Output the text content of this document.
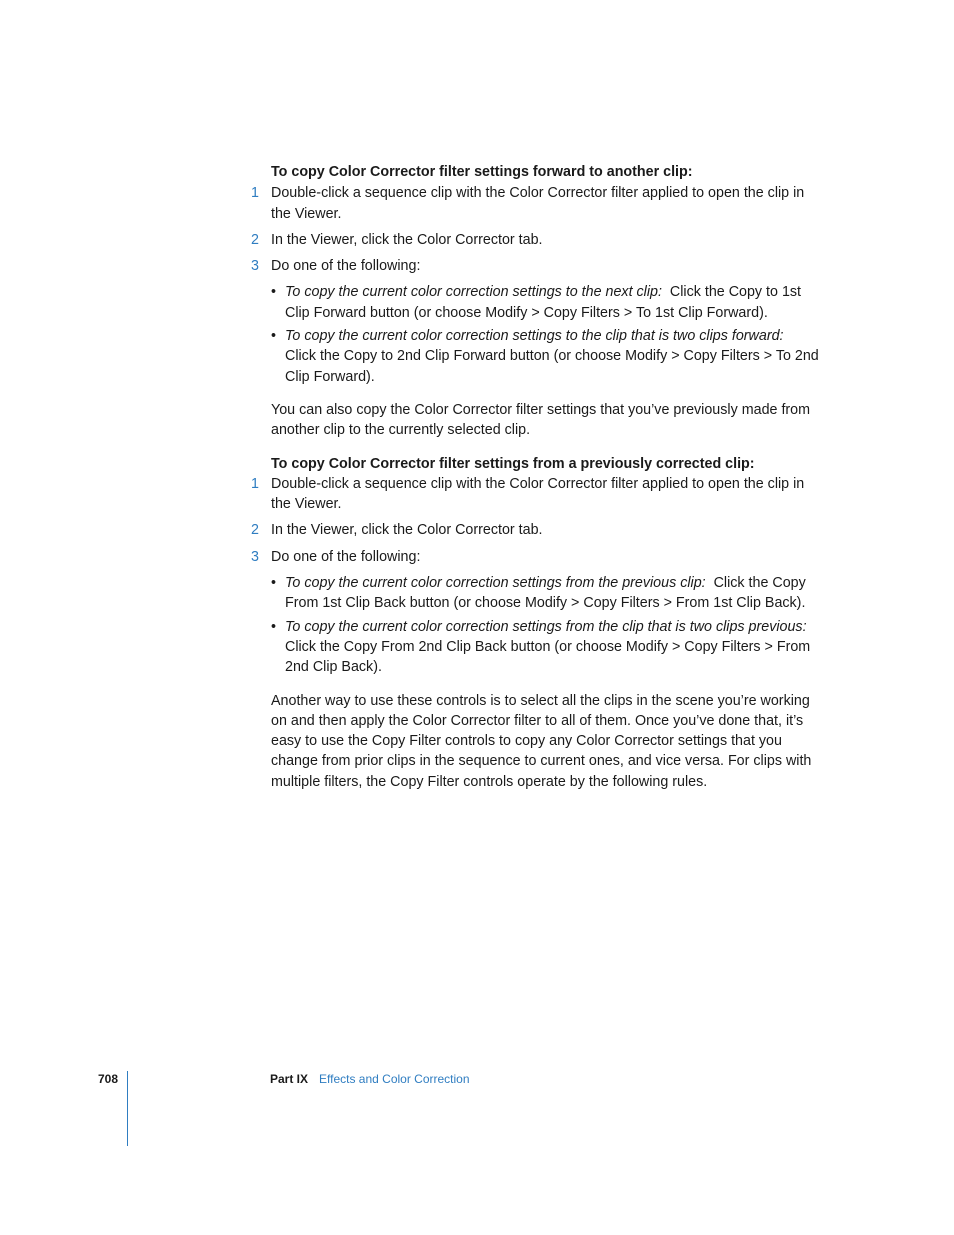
To copy Color Corrector filter settings forward to another clip:

1 Double-click a sequence clip with the Color Corrector filter applied to open the clip in the Viewer.
2 In the Viewer, click the Color Corrector tab.
3 Do one of the following:
• To copy the current color correction settings to the next clip: Click the Copy to 1st Clip Forward button (or choose Modify > Copy Filters > To 1st Clip Forward).
• To copy the current color correction settings to the clip that is two clips forward:
Click the Copy to 2nd Clip Forward button (or choose Modify > Copy Filters > To 2nd Clip Forward).

You can also copy the Color Corrector filter settings that you’ve previously made from another clip to the currently selected clip.

To copy Color Corrector filter settings from a previously corrected clip:

1 Double-click a sequence clip with the Color Corrector filter applied to open the clip in the Viewer.
2 In the Viewer, click the Color Corrector tab.
3 Do one of the following:
• To copy the current color correction settings from the previous clip: Click the Copy From 1st Clip Back button (or choose Modify > Copy Filters > From 1st Clip Back).
• To copy the current color correction settings from the clip that is two clips previous:
Click the Copy From 2nd Clip Back button (or choose Modify > Copy Filters > From 2nd Clip Back).

Another way to use these controls is to select all the clips in the scene you’re working on and then apply the Color Corrector filter to all of them. Once you’ve done that, it’s easy to use the Copy Filter controls to copy any Color Corrector settings that you change from prior clips in the sequence to current ones, and vice versa. For clips with multiple filters, the Copy Filter controls operate by the following rules.

708	Part IX Effects and Color Correction
